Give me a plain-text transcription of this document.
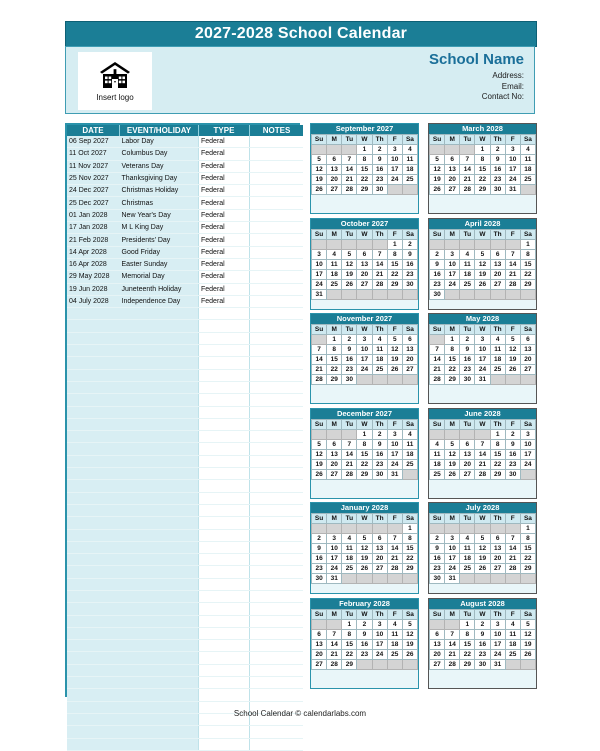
2027-2028 School Calendar
Insert logo
School Name
Address:
Email:
Contact No:
DATE	EVENT/HOLIDAY	TYPE	NOTES
06 Sep 2027	Labor Day	Federal	
11 Oct 2027	Columbus Day	Federal	
11 Nov 2027	Veterans Day	Federal	
25 Nov 2027	Thanksgiving Day	Federal	
24 Dec 2027	Christmas Holiday	Federal	
25 Dec 2027	Christmas	Federal	
01 Jan 2028	New Year's Day	Federal	
17 Jan 2028	M L King Day	Federal	
21 Feb 2028	Presidents' Day	Federal	
14 Apr 2028	Good Friday	Federal	
16 Apr 2028	Easter Sunday	Federal	
29 May 2028	Memorial Day	Federal	
19 Jun 2028	Juneteenth Holiday	Federal	
04 July 2028	Independence Day	Federal	

September 2027
Su	M	Tu	W	Th	F	Sa
			1	2	3	4
5	6	7	8	9	10	11
12	13	14	15	16	17	18
19	20	21	22	23	24	25
26	27	28	29	30		

March 2028
Su	M	Tu	W	Th	F	Sa
			1	2	3	4
5	6	7	8	9	10	11
12	13	14	15	16	17	18
19	20	21	22	23	24	25
26	27	28	29	30	31	

October 2027
Su	M	Tu	W	Th	F	Sa
					1	2
3	4	5	6	7	8	9
10	11	12	13	14	15	16
17	18	19	20	21	22	23
24	25	26	27	28	29	30
31						

April 2028
Su	M	Tu	W	Th	F	Sa
						1
2	3	4	5	6	7	8
9	10	11	12	13	14	15
16	17	18	19	20	21	22
23	24	25	26	27	28	29
30						

November 2027
Su	M	Tu	W	Th	F	Sa
	1	2	3	4	5	6
7	8	9	10	11	12	13
14	15	16	17	18	19	20
21	22	23	24	25	26	27
28	29	30				

May 2028
Su	M	Tu	W	Th	F	Sa
	1	2	3	4	5	6
7	8	9	10	11	12	13
14	15	16	17	18	19	20
21	22	23	24	25	26	27
28	29	30	31			

December 2027
Su	M	Tu	W	Th	F	Sa
			1	2	3	4
5	6	7	8	9	10	11
12	13	14	15	16	17	18
19	20	21	22	23	24	25
26	27	28	29	30	31	

June 2028
Su	M	Tu	W	Th	F	Sa
				1	2	3
4	5	6	7	8	9	10
11	12	13	14	15	16	17
18	19	20	21	22	23	24
25	26	27	28	29	30	

January 2028
Su	M	Tu	W	Th	F	Sa
						1
2	3	4	5	6	7	8
9	10	11	12	13	14	15
16	17	18	19	20	21	22
23	24	25	26	27	28	29
30	31					

July 2028
Su	M	Tu	W	Th	F	Sa
						1
2	3	4	5	6	7	8
9	10	11	12	13	14	15
16	17	18	19	20	21	22
23	24	25	26	27	28	29
30	31					

February 2028
Su	M	Tu	W	Th	F	Sa
		1	2	3	4	5
6	7	8	9	10	11	12
13	14	15	16	17	18	19
20	21	22	23	24	25	26
27	28	29				

August 2028
Su	M	Tu	W	Th	F	Sa
		1	2	3	4	5
6	7	8	9	10	11	12
13	14	15	16	17	18	19
20	21	22	23	24	25	26
27	28	29	30	31		

School Calendar © calendarlabs.com
